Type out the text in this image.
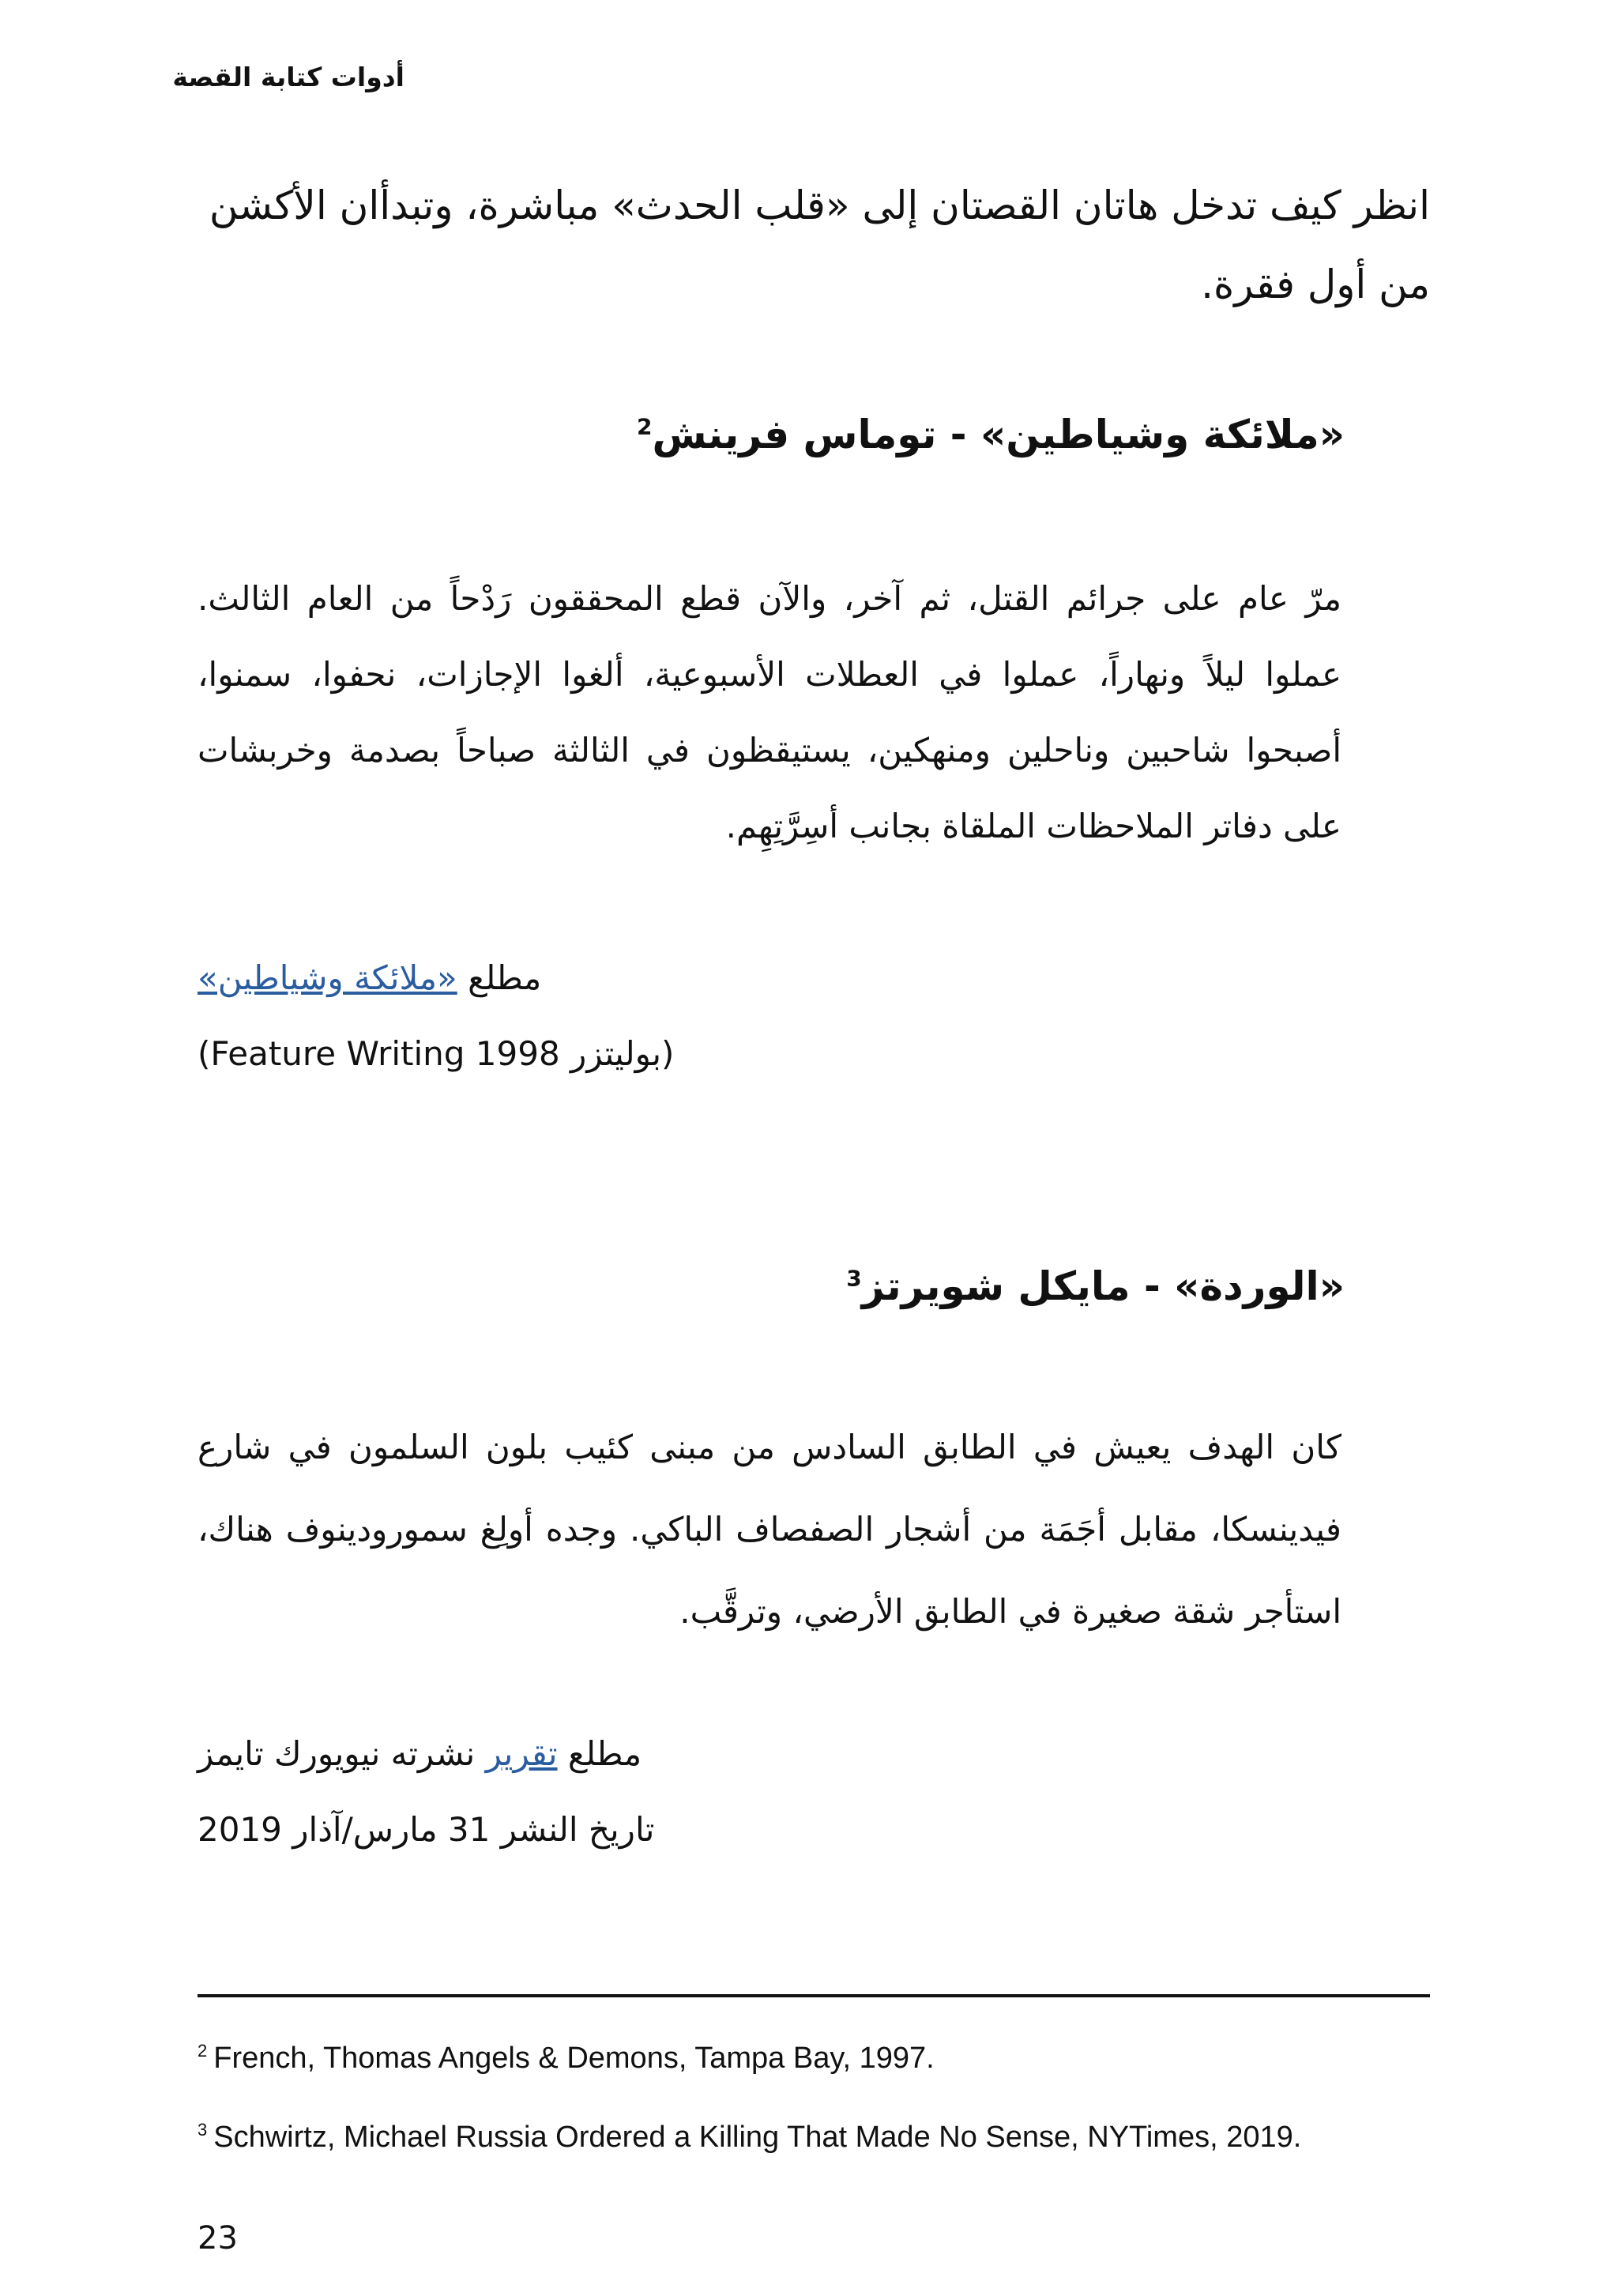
أدوات كتابة القصة

انظر كيف تدخل هاتان القصتان إلى «قلب الحدث» مباشرة، وتبدأان الأكشن من أول فقرة.

«ملائكة وشياطين» - توماس فرينش$^2$

مرّ عام على جرائم القتل، ثم آخر، والآن قطع المحققون رَدْحاً من العام الثالث. عملوا ليلاً ونهاراً، عملوا في العطلات الأسبوعية، ألغوا الإجازات، نحفوا، سمنوا، أصبحوا شاحبين وناحلين ومنهكين، يستيقظون في الثالثة صباحاً بصدمة وخربشات على دفاتر الملاحظات الملقاة بجانب أسِرَّتِهِم.

مطلع «ملائكة وشياطين»
(بوليتزر Feature Writing 1998)
«الوردة» - مايكل شويرتز$^3$

كان الهدف يعيش في الطابق السادس من مبنى كئيب بلون السلمون في شارع فيدينسكا، مقابل أجَمَة من أشجار الصفصاف الباكي. وجده أولِغ سمورودينوف هناك، استأجر شقة صغيرة في الطابق الأرضي، وترقَّب.

مطلع تقرير نشرته نيويورك تايمز
تاريخ النشر 31 مارس/آذار 2019
$^2$ French, Thomas Angels & Demons, Tampa Bay, 1997.
$^3$ Schwirtz, Michael Russia Ordered a Killing That Made No Sense, NYTimes, 2019.
23
